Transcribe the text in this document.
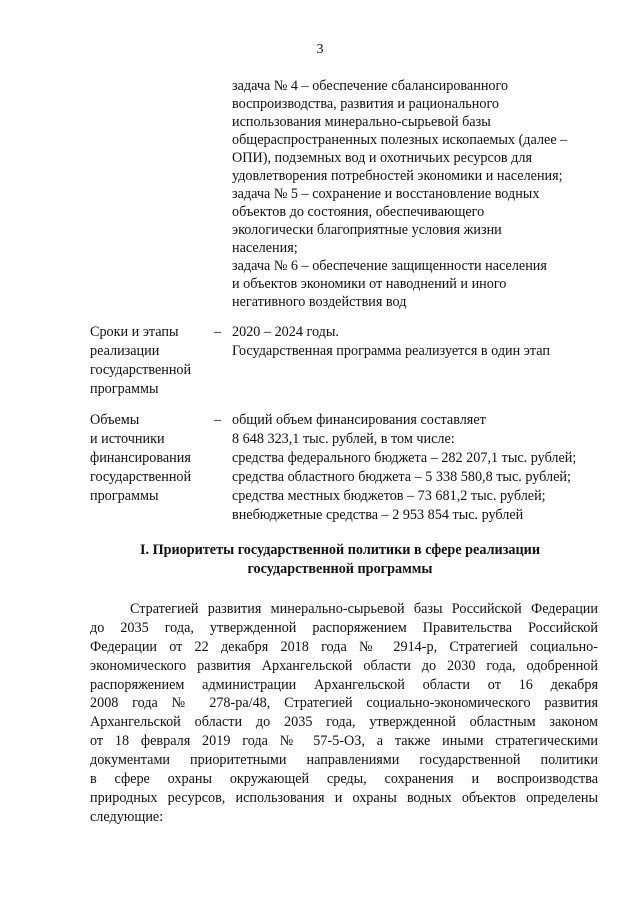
3
задача № 4 – обеспечение сбалансированного
воспроизводства, развития и рационального
использования минерально-сырьевой базы
общераспространенных полезных ископаемых (далее –
ОПИ), подземных вод и охотничьих ресурсов для
удовлетворения потребностей экономики и населения;
задача № 5 – сохранение и восстановление водных
объектов до состояния, обеспечивающего
экологически благоприятные условия жизни
населения;
задача № 6 – обеспечение защищенности населения
и объектов экономики от наводнений и иного
негативного воздействия вод
Сроки и этапы
реализации
государственной
программы
– 2020 – 2024 годы.
Государственная программа реализуется в один этап
Объемы
и источники
финансирования
государственной
программы
– общий объем финансирования составляет
8 648 323,1 тыс. рублей, в том числе:
средства федерального бюджета – 282 207,1 тыс. рублей;
средства областного бюджета – 5 338 580,8 тыс. рублей;
средства местных бюджетов – 73 681,2 тыс. рублей;
внебюджетные средства – 2 953 854 тыс. рублей
I. Приоритеты государственной политики в сфере реализации
государственной программы
Стратегией развития минерально-сырьевой базы Российской Федерации
до 2035 года, утвержденной распоряжением Правительства Российской
Федерации от 22 декабря 2018 года № 2914-р, Стратегией социально-
экономического развития Архангельской области до 2030 года, одобренной
распоряжением администрации Архангельской области от 16 декабря
2008 года № 278-ра/48, Стратегией социально-экономического развития
Архангельской области до 2035 года, утвержденной областным законом
от 18 февраля 2019 года № 57-5-ОЗ, а также иными стратегическими
документами приоритетными направлениями государственной политики
в сфере охраны окружающей среды, сохранения и воспроизводства
природных ресурсов, использования и охраны водных объектов определены
следующие:
